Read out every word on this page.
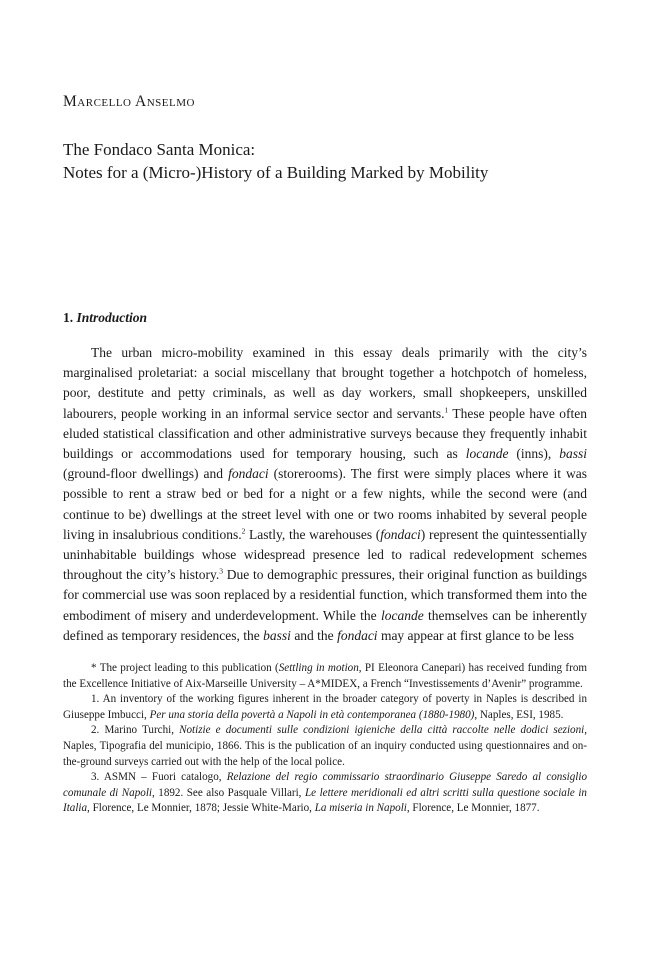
Marcello Anselmo

The Fondaco Santa Monica:
Notes for a (Micro-)History of a Building Marked by Mobility
1. Introduction

The urban micro-mobility examined in this essay deals primarily with the city’s marginalised proletariat: a social miscellany that brought together a hotchpotch of homeless, poor, destitute and petty criminals, as well as day workers, small shopkeepers, unskilled labourers, people working in an informal service sector and servants.$^1$ These people have often eluded statistical classification and other administrative surveys because they frequently inhabit buildings or accommodations used for temporary housing, such as locande (inns), bassi (ground-floor dwellings) and fondaci (storerooms). The first were simply places where it was possible to rent a straw bed or bed for a night or a few nights, while the second were (and continue to be) dwellings at the street level with one or two rooms inhabited by several people living in insalubrious conditions.$^2$ Lastly, the warehouses (fondaci) represent the quintessentially uninhabitable buildings whose widespread presence led to radical redevelopment schemes throughout the city’s history.$^3$ Due to demographic pressures, their original function as buildings for commercial use was soon replaced by a residential function, which transformed them into the embodiment of misery and underdevelopment. While the locande themselves can be inherently defined as temporary residences, the bassi and the fondaci may appear at first glance to be less

* The project leading to this publication (Settling in motion, PI Eleonora Canepari) has received funding from the Excellence Initiative of Aix-Marseille University – A*MIDEX, a French “Investissements d’Avenir” programme.

1. An inventory of the working figures inherent in the broader category of poverty in Naples is described in Giuseppe Imbucci, Per una storia della povertà a Napoli in età contemporanea (1880-1980), Naples, ESI, 1985.

2. Marino Turchi, Notizie e documenti sulle condizioni igieniche della città raccolte nelle dodici sezioni, Naples, Tipografia del municipio, 1866. This is the publication of an inquiry conducted using questionnaires and on-the-ground surveys carried out with the help of the local police.

3. ASMN – Fuori catalogo, Relazione del regio commissario straordinario Giuseppe Saredo al consiglio comunale di Napoli, 1892. See also Pasquale Villari, Le lettere meridionali ed altri scritti sulla questione sociale in Italia, Florence, Le Monnier, 1878; Jessie White-Mario, La miseria in Napoli, Florence, Le Monnier, 1877.
